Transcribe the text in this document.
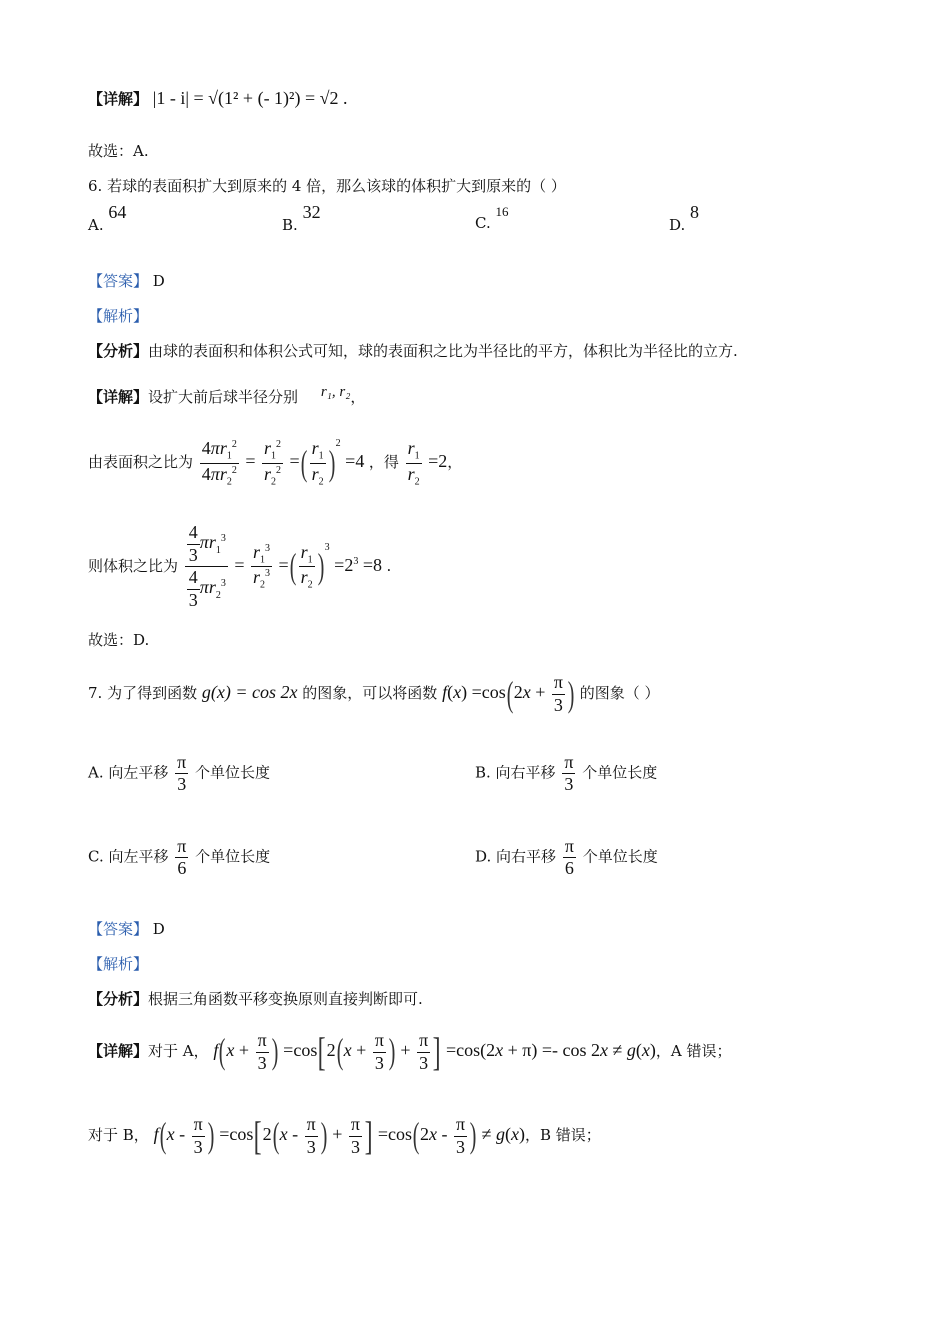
【详解】 |1 - i| = √(1² + (- 1)²) = √2 .
故选：A.
6. 若球的表面积扩大到原来的 4 倍，那么该球的体积扩大到原来的（ ）
A. 64
B. 32
C. 16
D. 8
【答案】 D
【解析】
【分析】由球的表面积和体积公式可知，球的表面积之比为半径比的平方，体积比为半径比的立方.
【详解】设扩大前后球半径分别 r₁, r₂，
由表面积之比为 $\frac{4\pi r_1^2}{4\pi r_2^2} = \frac{r_1^2}{r_2^2}$ =( $\frac{r_1}{r_2} )^2 =4$ ，得 $\frac{r_1}{r_2} =2$，
则体积之比为 $\frac{\frac{4}{3} \pi r_1^3}{\frac{4}{3} \pi r_2^3} = \frac{r_1^3}{r_2^3}$ =( $\frac{r_1}{r_2} )^3 =2^3 =8$ .
故选：D.
7. 为了得到函数 g(x) = cos 2x 的图象，可以将函数 $f(x) =\cos(2x + \frac{\pi}{3}$ ) 的图象（ ）
A. 向左平移 $\frac{\pi}{3}$ 个单位长度	B. 向右平移 $\frac{\pi}{3}$ 个单位长度
C. 向左平移 $\frac{\pi}{6}$ 个单位长度	D. 向右平移 $\frac{\pi}{6}$ 个单位长度
【答案】 D
【解析】
【分析】根据三角函数平移变换原则直接判断即可.
【详解】对于 A， $f(x + \frac{\pi}{3}$ ) $=\cos[2(x + \frac{\pi}{3}$ ) + $\frac{\pi}{3}$ ] =cos(2x + π) =- cos 2x ≠ g(x)，A 错误；
对于 B， $f(x - \frac{\pi}{3}$ ) $=\cos[2(x - \frac{\pi}{3}$ ) + $\frac{\pi}{3}$ ] $=\cos(2x - \frac{\pi}{3}$ ) ≠ g(x)，B 错误；
